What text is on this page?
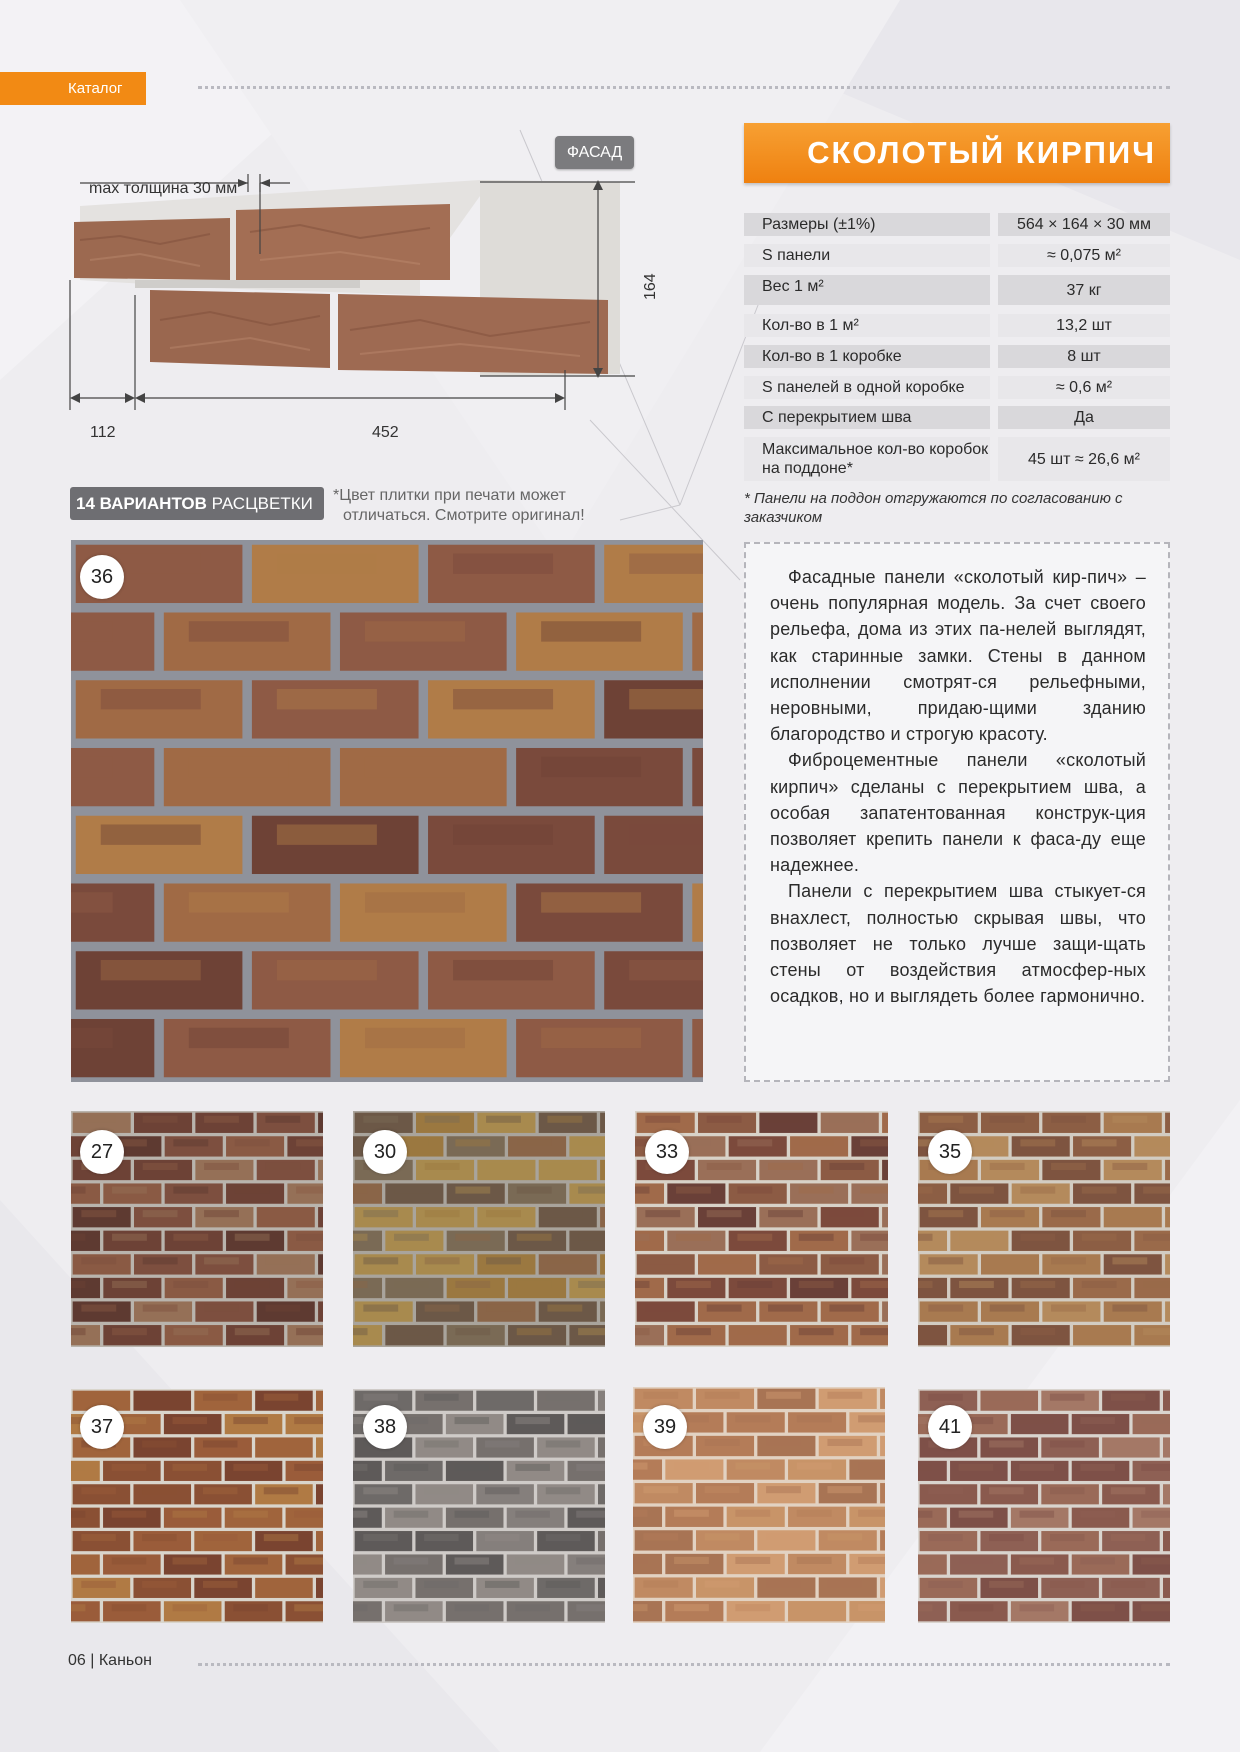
Каталог
ФАСАД
max толщина 30 мм
164
112	452
СКОЛОТЫЙ КИРПИЧ
Размеры (±1%)	564 × 164 × 30 мм
S панели	≈ 0,075 м²
Вес 1 м²	37 кг
Кол-во в 1 м²	13,2 шт
Кол-во в 1 коробке	8 шт
S панелей в одной коробке	≈ 0,6 м²
С перекрытием шва	Да
Максимальное кол-во коробок на поддоне*
45 шт ≈ 26,6 м²
* Панели на поддон отгружаются по согласованию с заказчиком

Фасадные панели «сколотый кир-пич» – очень популярная модель. За счет своего рельефа, дома из этих па-нелей выглядят, как старинные замки. Стены в данном исполнении смотрят-ся рельефными, неровными, придаю-щими зданию благородство и строгую красоту.

Фиброцементные панели «сколотый кирпич» сделаны с перекрытием шва, а особая запатентованная конструк-ция позволяет крепить панели к фаса-ду еще надежнее.

Панели с перекрытием шва стыкует-ся внахлест, полностью скрывая швы, что позволяет не только лучше защи-щать стены от воздействия атмосфер-ных осадков, но и выглядеть более гармонично.

14 ВАРИАНТОВ РАСЦВЕТКИ	*Цвет плитки при печати может
отличаться. Смотрите оригинал!
36
27	30	33	35
37	38	39	41
06 | Каньон
